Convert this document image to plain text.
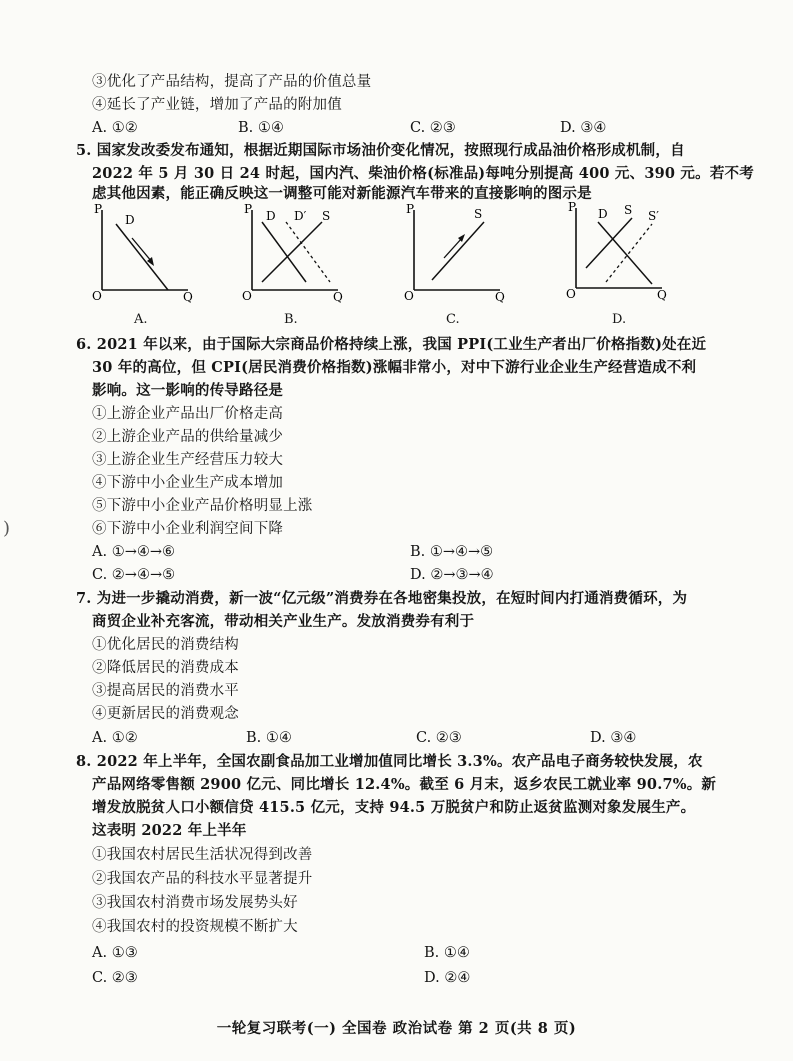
③优化了产品结构，提高了产品的价值总量
④延长了产业链，增加了产品的附加值
A. ①②	B. ①④	C. ②③	D. ③④
5. 国家发改委发布通知，根据近期国际市场油价变化情况，按照现行成品油价格形成机制，自
2022 年 5 月 30 日 24 时起，国内汽、柴油价格(标准品)每吨分别提高 400 元、390 元。若不考
虑其他因素，能正确反映这一调整可能对新能源汽车带来的直接影响的图示是
P
D
O	Q
A.
P D D′ S
O	Q
B.
P	S
O	Q
C.
P D S S′
O	Q
D.
6. 2021 年以来，由于国际大宗商品价格持续上涨，我国 PPI(工业生产者出厂价格指数)处在近
30 年的高位，但 CPI(居民消费价格指数)涨幅非常小，对中下游行业企业生产经营造成不利
影响。这一影响的传导路径是
①上游企业产品出厂价格走高
②上游企业产品的供给量减少
③上游企业生产经营压力较大
④下游中小企业生产成本增加
⑤下游中小企业产品价格明显上涨
⑥下游中小企业利润空间下降
A. ①→④→⑥	B. ①→④→⑤
C. ②→④→⑤	D. ②→③→④
7. 为进一步撬动消费，新一波“亿元级”消费券在各地密集投放，在短时间内打通消费循环，为
商贸企业补充客流，带动相关产业生产。发放消费券有利于
①优化居民的消费结构
②降低居民的消费成本
③提高居民的消费水平
④更新居民的消费观念
A. ①②	B. ①④	C. ②③	D. ③④
8. 2022 年上半年，全国农副食品加工业增加值同比增长 3.3%。农产品电子商务较快发展，农
产品网络零售额 2900 亿元、同比增长 12.4%。截至 6 月末，返乡农民工就业率 90.7%。新
增发放脱贫人口小额信贷 415.5 亿元，支持 94.5 万脱贫户和防止返贫监测对象发展生产。
这表明 2022 年上半年
①我国农村居民生活状况得到改善
②我国农产品的科技水平显著提升
③我国农村消费市场发展势头好
④我国农村的投资规模不断扩大
A. ①③	B. ①④
C. ②③	D. ②④
)
一轮复习联考(一) 全国卷 政治试卷 第 2 页(共 8 页)
